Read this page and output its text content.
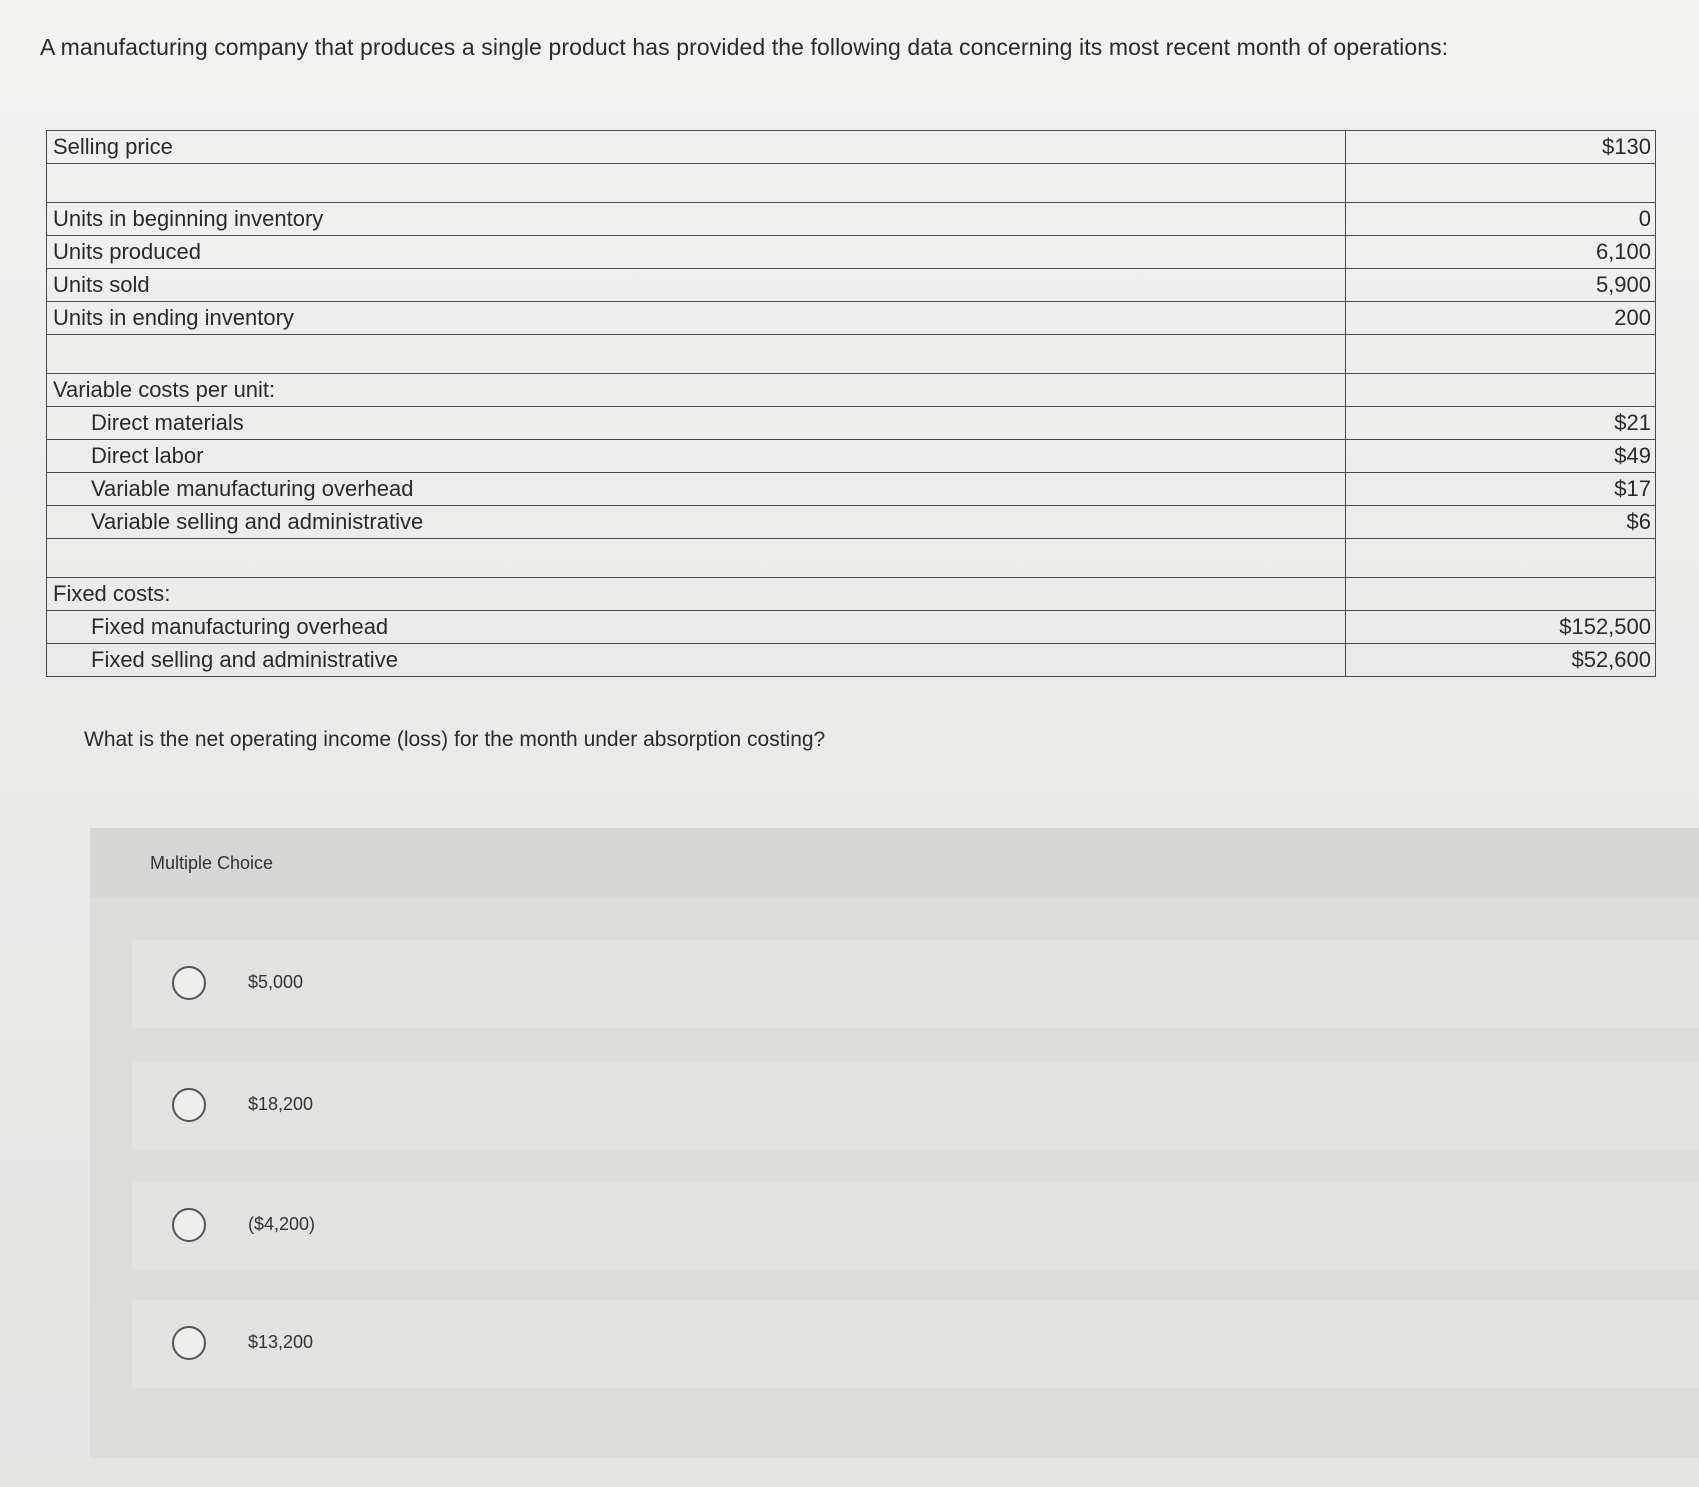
A manufacturing company that produces a single product has provided the following data concerning its most recent month of operations:
Selling price	$130

Units in beginning inventory	0
Units produced	6,100
Units sold	5,900
Units in ending inventory	200

Variable costs per unit:	
Direct materials	$21
Direct labor	$49
Variable manufacturing overhead	$17
Variable selling and administrative	$6

Fixed costs:	
Fixed manufacturing overhead	$152,500
Fixed selling and administrative	$52,600
What is the net operating income (loss) for the month under absorption costing?
Multiple Choice
$5,000
$18,200
($4,200)
$13,200
